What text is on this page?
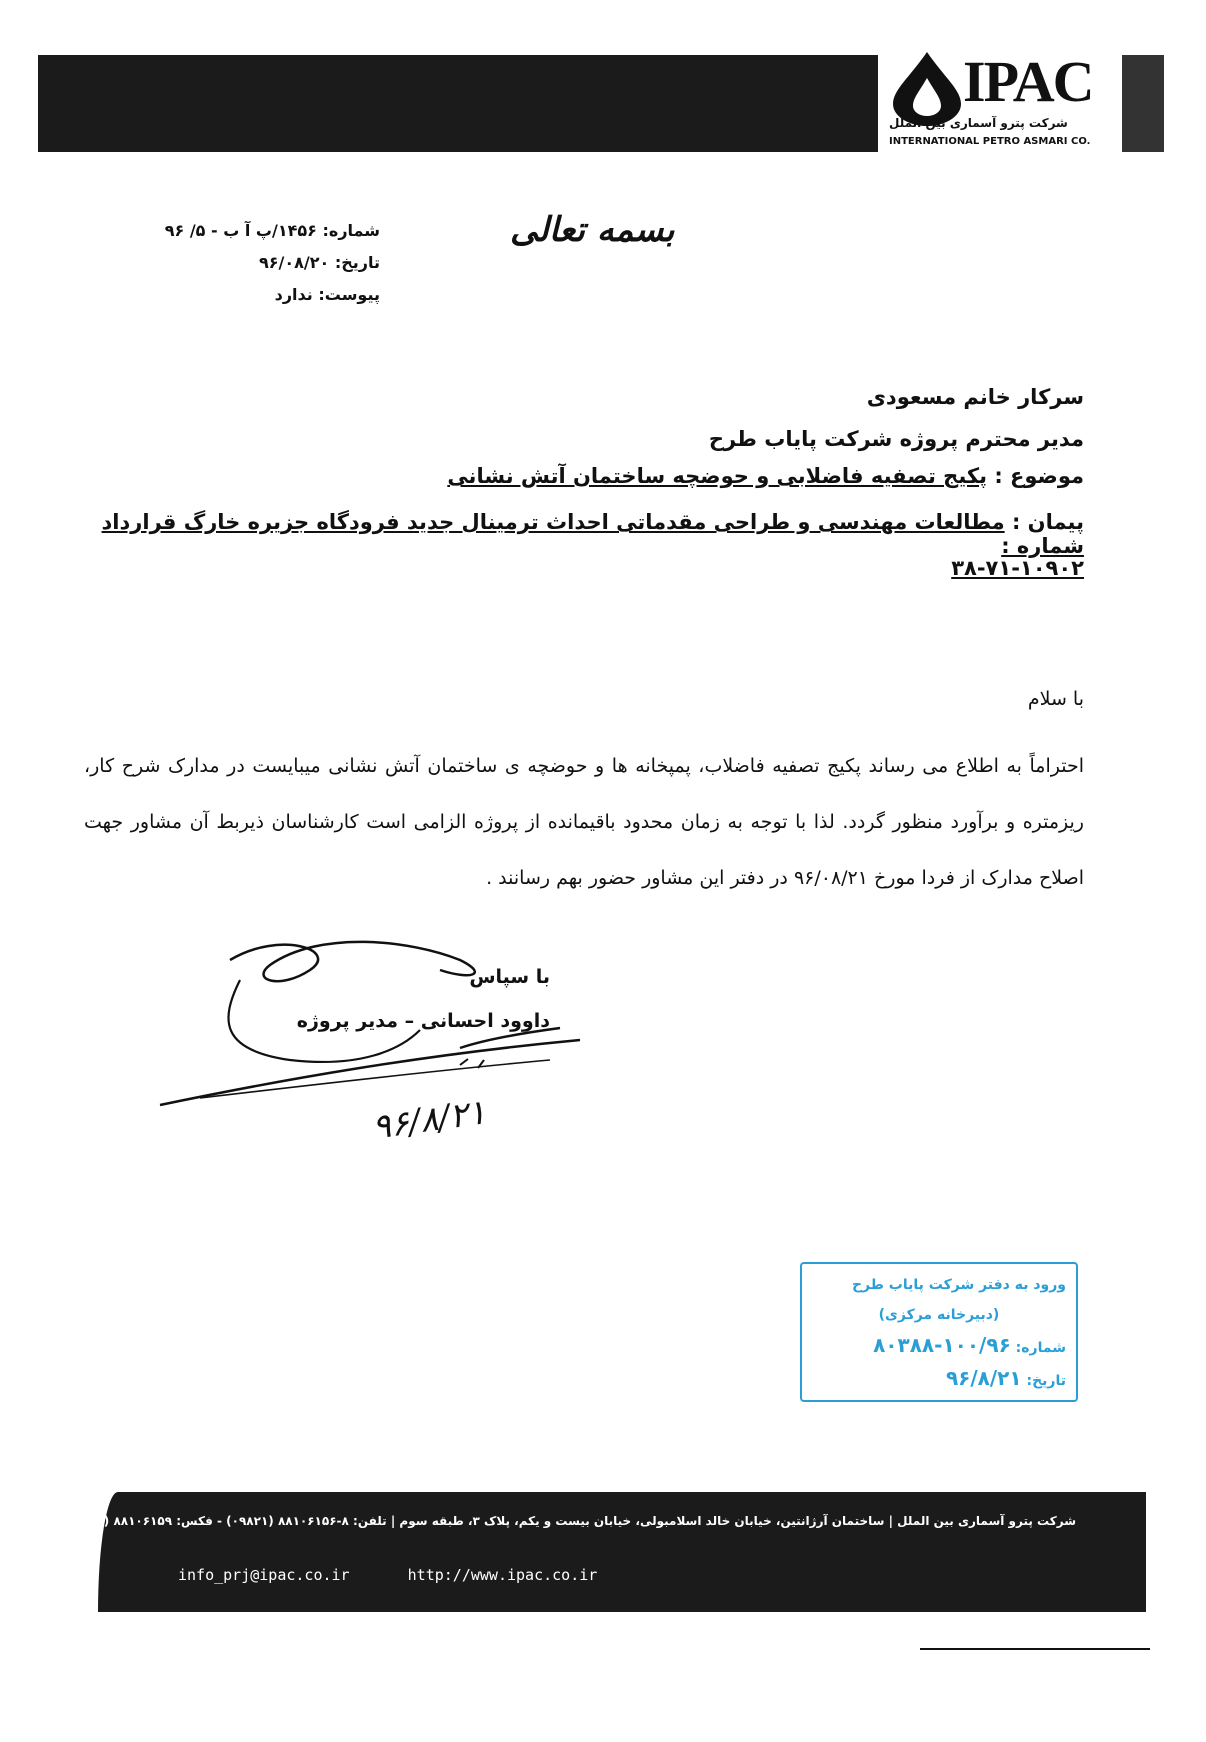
IPAC
شرکت پترو آسماری بین الملل
INTERNATIONAL PETRO ASMARI CO.
بسمه تعالی
شماره: ۱۴۵۶/پ آ ب - ۵/ ۹۶
تاریخ: ۹۶/۰۸/۲۰
پیوست: ندارد
سرکار خانم مسعودی
مدیر محترم پروژه شرکت پایاب طرح
موضوع : پکیج تصفیه فاضلابی و حوضچه ساختمان آتش نشانی
پیمان : مطالعات مهندسی و طراحی مقدماتی احداث ترمینال جدید فرودگاه جزیره خارگ قرارداد شماره :
۳۸-۷۱-۱۰۹۰۲
با سلام
احتراماً به اطلاع می رساند پکیج تصفیه فاضلاب، پمپخانه ها و حوضچه ی ساختمان آتش نشانی میبایست در مدارک شرح کار، ریزمتره و برآورد منظور گردد. لذا با توجه به زمان محدود باقیمانده از پروژه الزامی است کارشناسان ذیربط آن مشاور جهت اصلاح مدارک از فردا مورخ ۹۶/۰۸/۲۱ در دفتر این مشاور حضور بهم رسانند .
با سپاس
داوود احسانی – مدیر پروژه
۹۶/۸/۲۱
ورود به دفتر شرکت پایاب طرح
(دبیرخانه مرکزی)
شماره: ۱۰۰/۹۶-۸۰۳۸۸
تاریخ: ۹۶/۸/۲۱
شرکت پترو آسماری بین الملل | ساختمان آرژانتین، خیابان خالد اسلامبولی، خیابان بیست و یکم، پلاک ۳، طبقه سوم | تلفن: ۸-۸۸۱۰۶۱۵۶ (۰۹۸۲۱) - فکس: ۸۸۱۰۶۱۵۹ (۰۹۸۲۱)
info_prj@ipac.co.ir	http://www.ipac.co.ir
